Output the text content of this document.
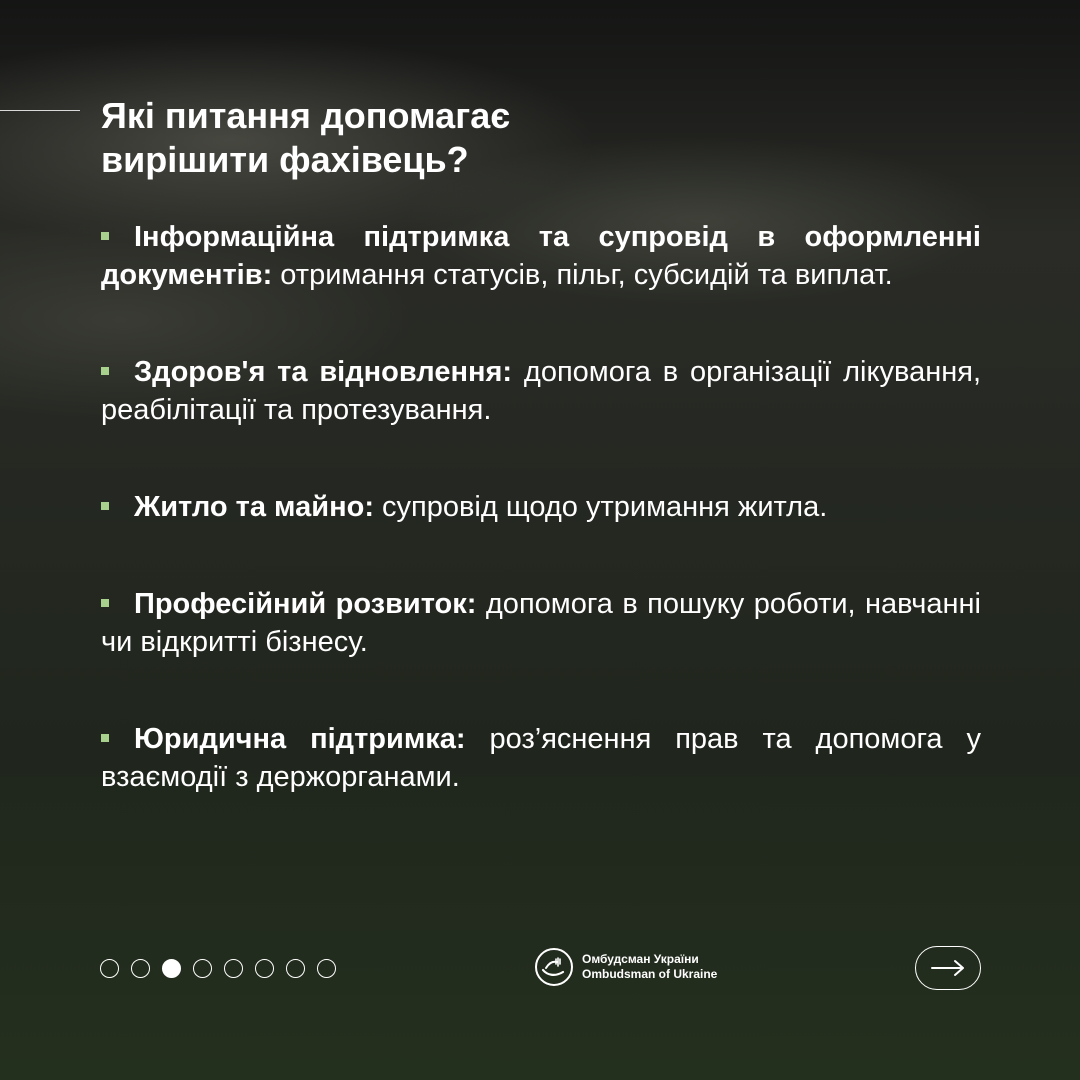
Які питання допомагає
вирішити фахівець?
Інформаційна підтримка та супровід в оформленні документів: отримання статусів, пільг, субсидій та виплат.
Здоров'я та відновлення: допомога в організації лікування, реабілітації та протезування.
Житло та майно: супровід щодо утримання житла.
Професійний розвиток: допомога в пошуку роботи, навчанні чи відкритті бізнесу.
Юридична підтримка: роз’яснення прав та допомога у взаємодії з держорганами.
Омбудсман України
Ombudsman of Ukraine
